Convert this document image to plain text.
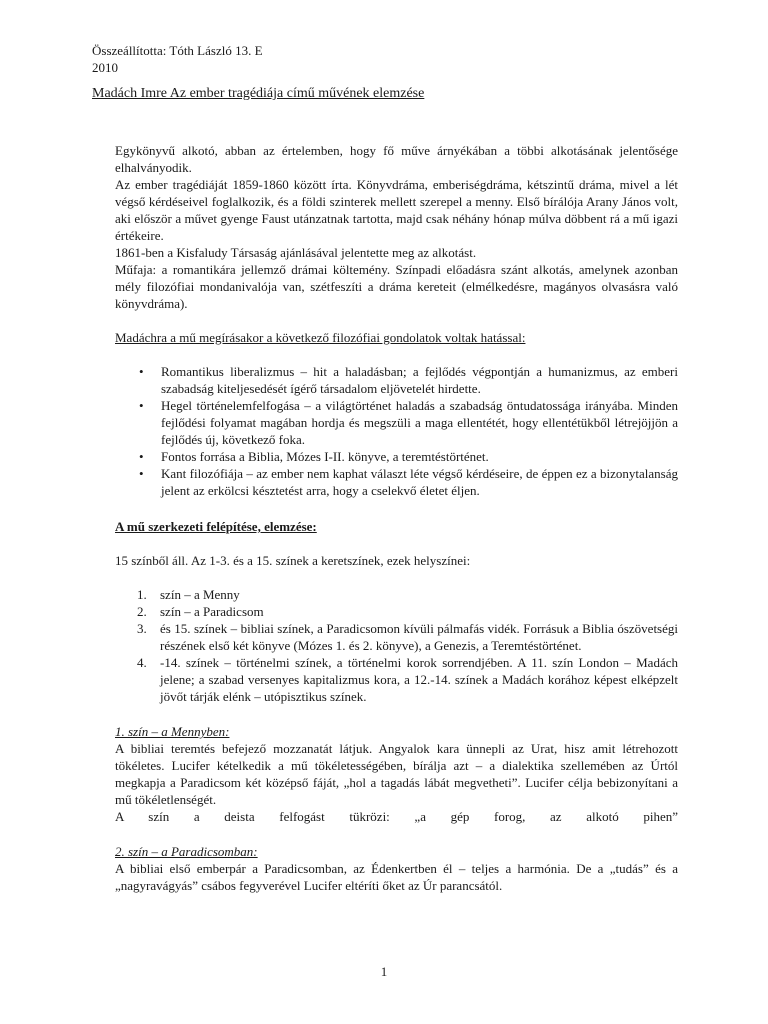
Összeállította: Tóth László 13. E
2010
Madách Imre Az ember tragédiája című művének elemzése

Egykönyvű alkotó, abban az értelemben, hogy fő műve árnyékában a többi alkotásának jelentősége elhalványodik.

Az ember tragédiáját 1859-1860 között írta. Könyvdráma, emberiségdráma, kétszintű dráma, mivel a lét végső kérdéseivel foglalkozik, és a földi szinterek mellett szerepel a menny. Első bírálója Arany János volt, aki először a művet gyenge Faust utánzatnak tartotta, majd csak néhány hónap múlva döbbent rá a mű igazi értékeire.

1861-ben a Kisfaludy Társaság ajánlásával jelentette meg az alkotást.

Műfaja: a romantikára jellemző drámai költemény. Színpadi előadásra szánt alkotás, amelynek azonban mély filozófiai mondanivalója van, szétfeszíti a dráma kereteit (elmélkedésre, magányos olvasásra való könyvdráma).

Madáchra a mű megírásakor a következő filozófiai gondolatok voltak hatással:

• Romantikus liberalizmus – hit a haladásban; a fejlődés végpontján a humanizmus, az emberi szabadság kiteljesedését ígérő társadalom eljövetelét hirdette.
• Hegel történelemfelfogása – a világtörténet haladás a szabadság öntudatossága irányába. Minden fejlődési folyamat magában hordja és megszüli a maga ellentétét, hogy ellentétükből létrejöjjön a fejlődés új, következő foka.
• Fontos forrása a Biblia, Mózes I-II. könyve, a teremtéstörténet.
• Kant filozófiája – az ember nem kaphat választ léte végső kérdéseire, de éppen ez a bizonytalanság jelent az erkölcsi késztetést arra, hogy a cselekvő életet éljen.

A mű szerkezeti felépítése, elemzése:

15 színből áll. Az 1-3. és a 15. színek a keretszínek, ezek helyszínei:

1. szín – a Menny
2. szín – a Paradicsom
3. és 15. színek – bibliai színek, a Paradicsomon kívüli pálmafás vidék. Forrásuk a Biblia ószövetségi részének első két könyve (Mózes 1. és 2. könyve), a Genezis, a Teremtéstörténet.
4. -14. színek – történelmi színek, a történelmi korok sorrendjében. A 11. szín London – Madách jelene; a szabad versenyes kapitalizmus kora, a 12.-14. színek a Madách korához képest elképzelt jövőt tárják elénk – utópisztikus színek.

1. szín – a Mennyben:

A bibliai teremtés befejező mozzanatát látjuk. Angyalok kara ünnepli az Urat, hisz amit létrehozott tökéletes. Lucifer kételkedik a mű tökéletességében, bírálja azt – a dialektika szellemében az Úrtól megkapja a Paradicsom két középső fáját, „hol a tagadás lábát megvetheti”. Lucifer célja bebizonyítani a mű tökéletlenségét.

A szín a deista felfogást tükrözi: „a gép forog, az alkotó pihen”

2. szín – a Paradicsomban:

A bibliai első emberpár a Paradicsomban, az Édenkertben él – teljes a harmónia. De a „tudás” és a „nagyravágyás” csábos fegyverével Lucifer eltéríti őket az Úr parancsától.

1
